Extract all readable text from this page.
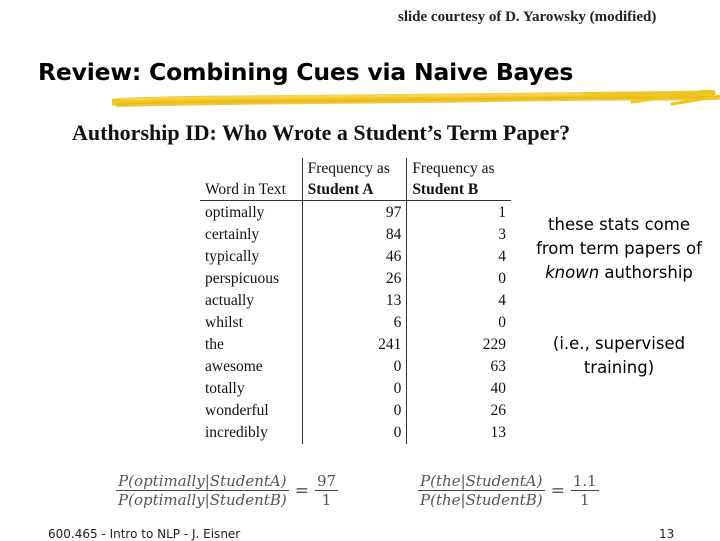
slide courtesy of D. Yarowsky (modified)
Review: Combining Cues via Naive Bayes
Authorship ID: Who Wrote a Student’s Term Paper?
	Frequency as	Frequency as
Word in Text	Student A	Student B
optimally	97	1
certainly	84	3
typically	46	4
perspicuous	26	0
actually	13	4
whilst	6	0
the	241	229
awesome	0	63
totally	0	40
wonderful	0	26
incredibly	0	13
these stats come from term papers of known authorship
(i.e., supervised training)
$\frac{\text{P(optimally|StudentA)}}{\text{P(optimally|StudentB)}} = \frac{97}{1}$	$\frac{\text{P(the|StudentA)}}{\text{P(the|StudentB)}} = \frac{1.1}{1}$
600.465 - Intro to NLP - J. Eisner	13
